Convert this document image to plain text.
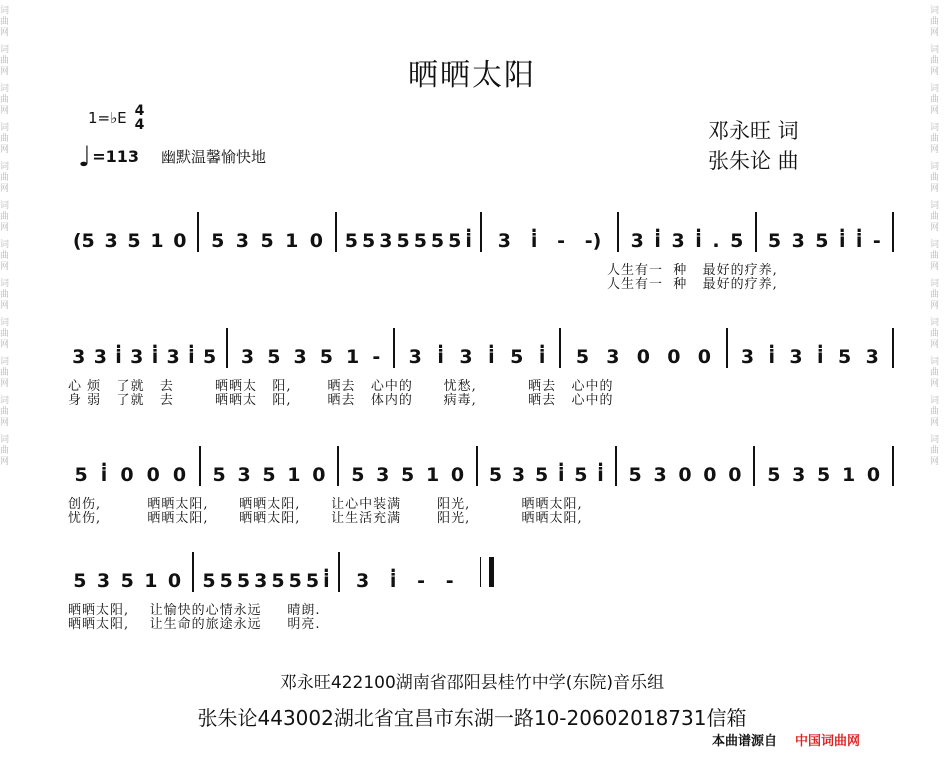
词曲网
词曲网
词曲网
词曲网
词曲网
词曲网
词曲网
词曲网
词曲网
词曲网
词曲网
词曲网
词曲网
词曲网
词曲网
词曲网
词曲网
词曲网
词曲网
词曲网
词曲网
词曲网
词曲网
词曲网
晒晒太阳
1=♭E 4
4
♩ =113 幽默温馨愉快地
邓永旺 词
张朱论 曲
(5 3 5 1 0 5 3 5 1 0 5 5 3 5 5 5 5 . i 3 . i - -) 3 . i 3 . i . 5 5 3 5 . i . i -
人生有一  种   最好的疗养,
人生有一  种   最好的疗养,
3 3 . i 3 . i 3 . i 5 3 5 3 5 1 - 3 . i 3 . i 5 . i 5 3 0 0 0 3 . i 3 . i 5 3
心 烦   了就   去        晒晒太   阳,       晒去   心中的      忧愁,          晒去   心中的
身 弱   了就   去        晒晒太   阳,       晒去   体内的      病毒,          晒去   心中的
5 . i 0 0 0 5 3 5 1 0 5 3 5 1 0 5 3 5 . i 5 . i 5 3 0 0 0 5 3 5 1 0
创伤,         晒晒太阳,      晒晒太阳,      让心中装满       阳光,          晒晒太阳,
忧伤,         晒晒太阳,      晒晒太阳,      让生活充满       阳光,          晒晒太阳,
5 3 5 1 0 5 5 5 3 5 5 5 . i 3 . i - -
晒晒太阳,    让愉快的心情永远     晴朗.
晒晒太阳,    让生命的旅途永远     明亮.
邓永旺422100湖南省邵阳县桂竹中学(东院)音乐组
张朱论443002湖北省宜昌市东湖一路10-20602018731信箱
本曲谱源自 中国词曲网
